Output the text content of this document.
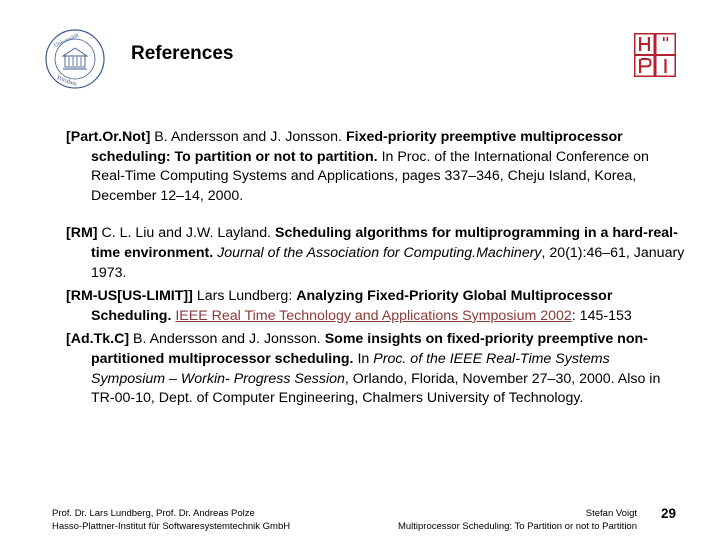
Universität
Potsdam
References
[Part.Or.Not] B. Andersson and J. Jonsson. Fixed-priority preemptive multiprocessor scheduling: To partition or not to partition. In Proc. of the International Conference on Real-Time Computing Systems and Applications, pages 337–346, Cheju Island, Korea, December 12–14, 2000.
[RM] C. L. Liu and J.W. Layland. Scheduling algorithms for multiprogramming in a hard-real-time environment. Journal of the Association for Computing.Machinery, 20(1):46–61, January 1973.
[RM-US[US-LIMIT]] Lars Lundberg: Analyzing Fixed-Priority Global Multiprocessor Scheduling. IEEE Real Time Technology and Applications Symposium 2002: 145-153
[Ad.Tk.C] B. Andersson and J. Jonsson. Some insights on fixed-priority preemptive non-partitioned multiprocessor scheduling. In Proc. of the IEEE Real-Time Systems Symposium – Workin- Progress Session, Orlando, Florida, November 27–30, 2000. Also in TR-00-10, Dept. of Computer Engineering, Chalmers University of Technology.
Prof. Dr. Lars Lundberg, Prof. Dr. Andreas Polze
Hasso-Plattner-Institut für Softwaresystemtechnik GmbH
Stefan Voigt
Multiprocessor Scheduling: To Partition or not to Partition
29
